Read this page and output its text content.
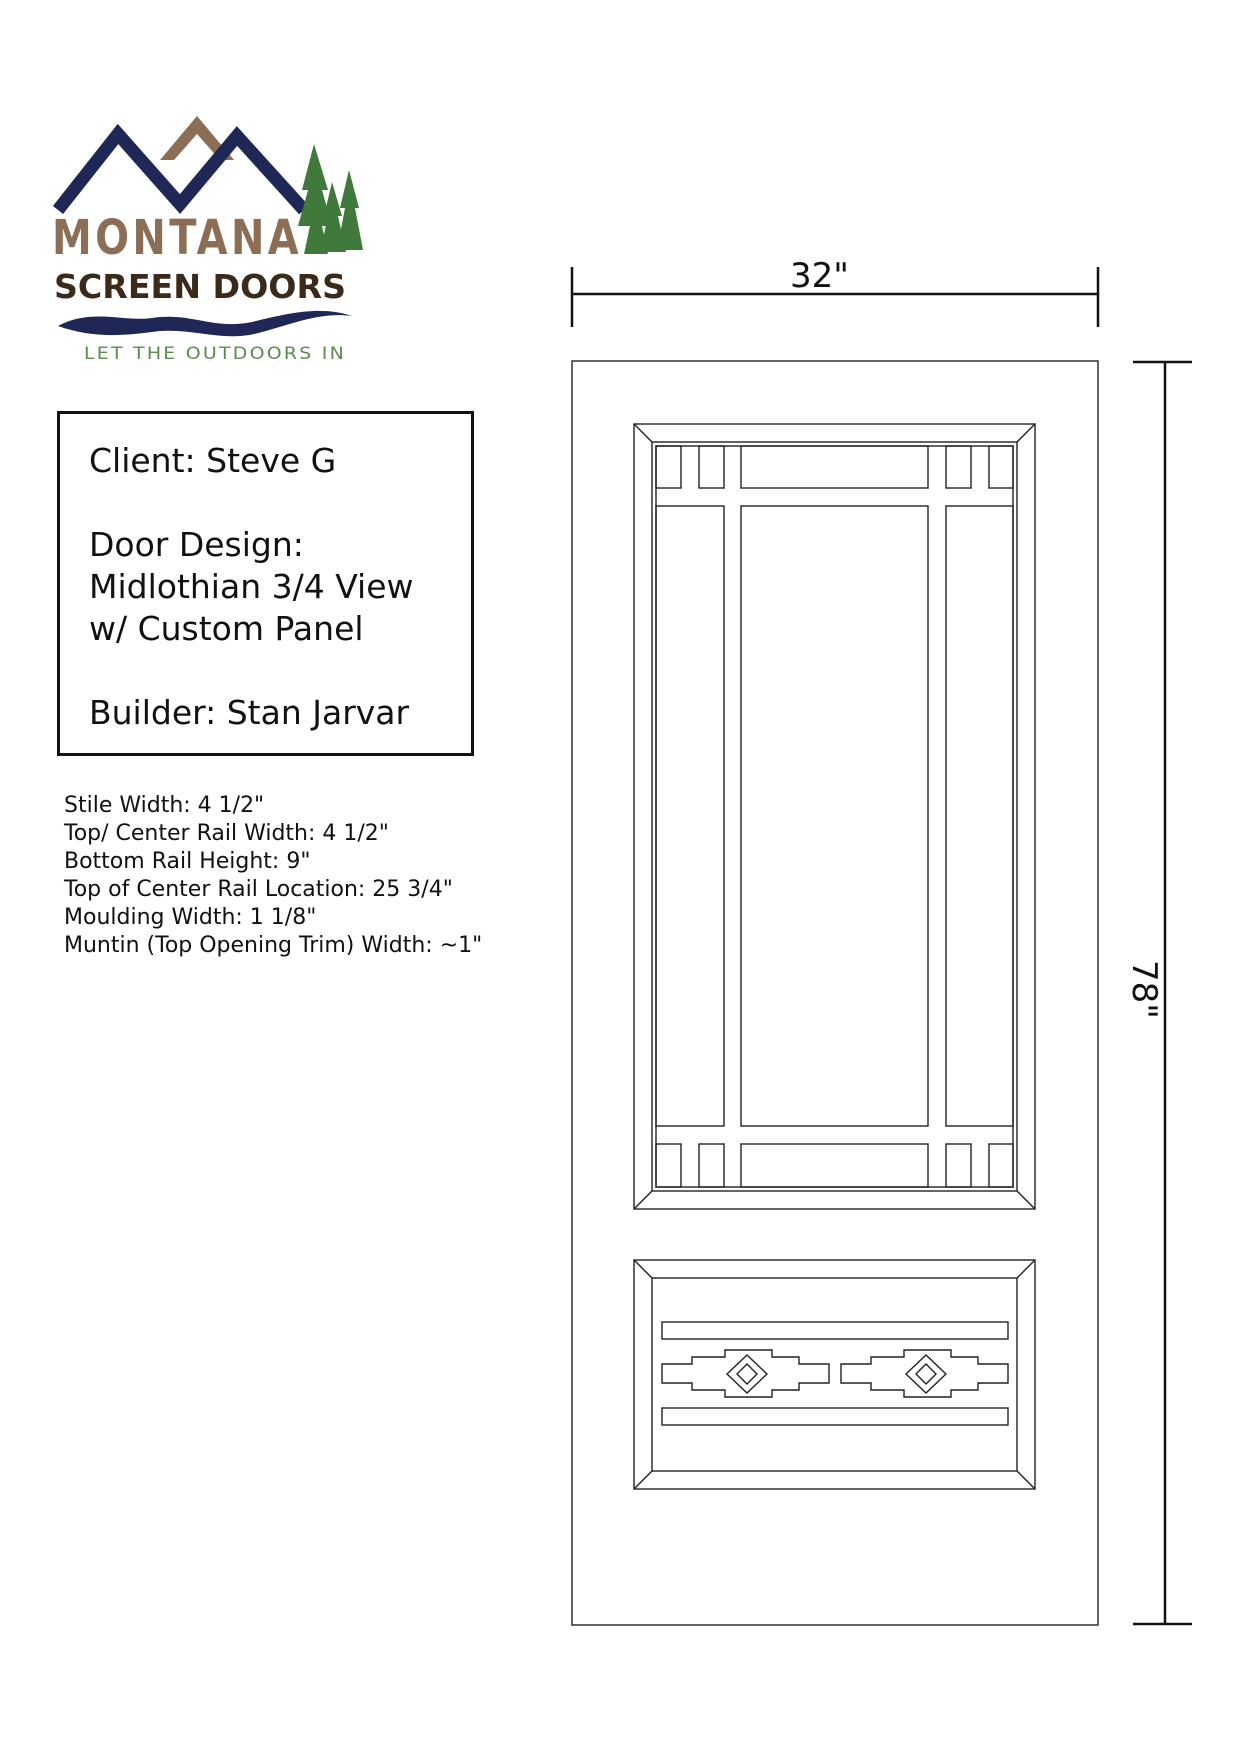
MONTANA
SCREEN DOORS
LET THE OUTDOORS IN
Client: Steve G
Door Design:
Midlothian 3/4 View
w/ Custom Panel
Builder: Stan Jarvar
Stile Width: 4 1/2"
Top/ Center Rail Width: 4 1/2"
Bottom Rail Height: 9"
Top of Center Rail Location: 25 3/4"
Moulding Width: 1 1/8"
Muntin (Top Opening Trim) Width: ~1"
32"
78"
